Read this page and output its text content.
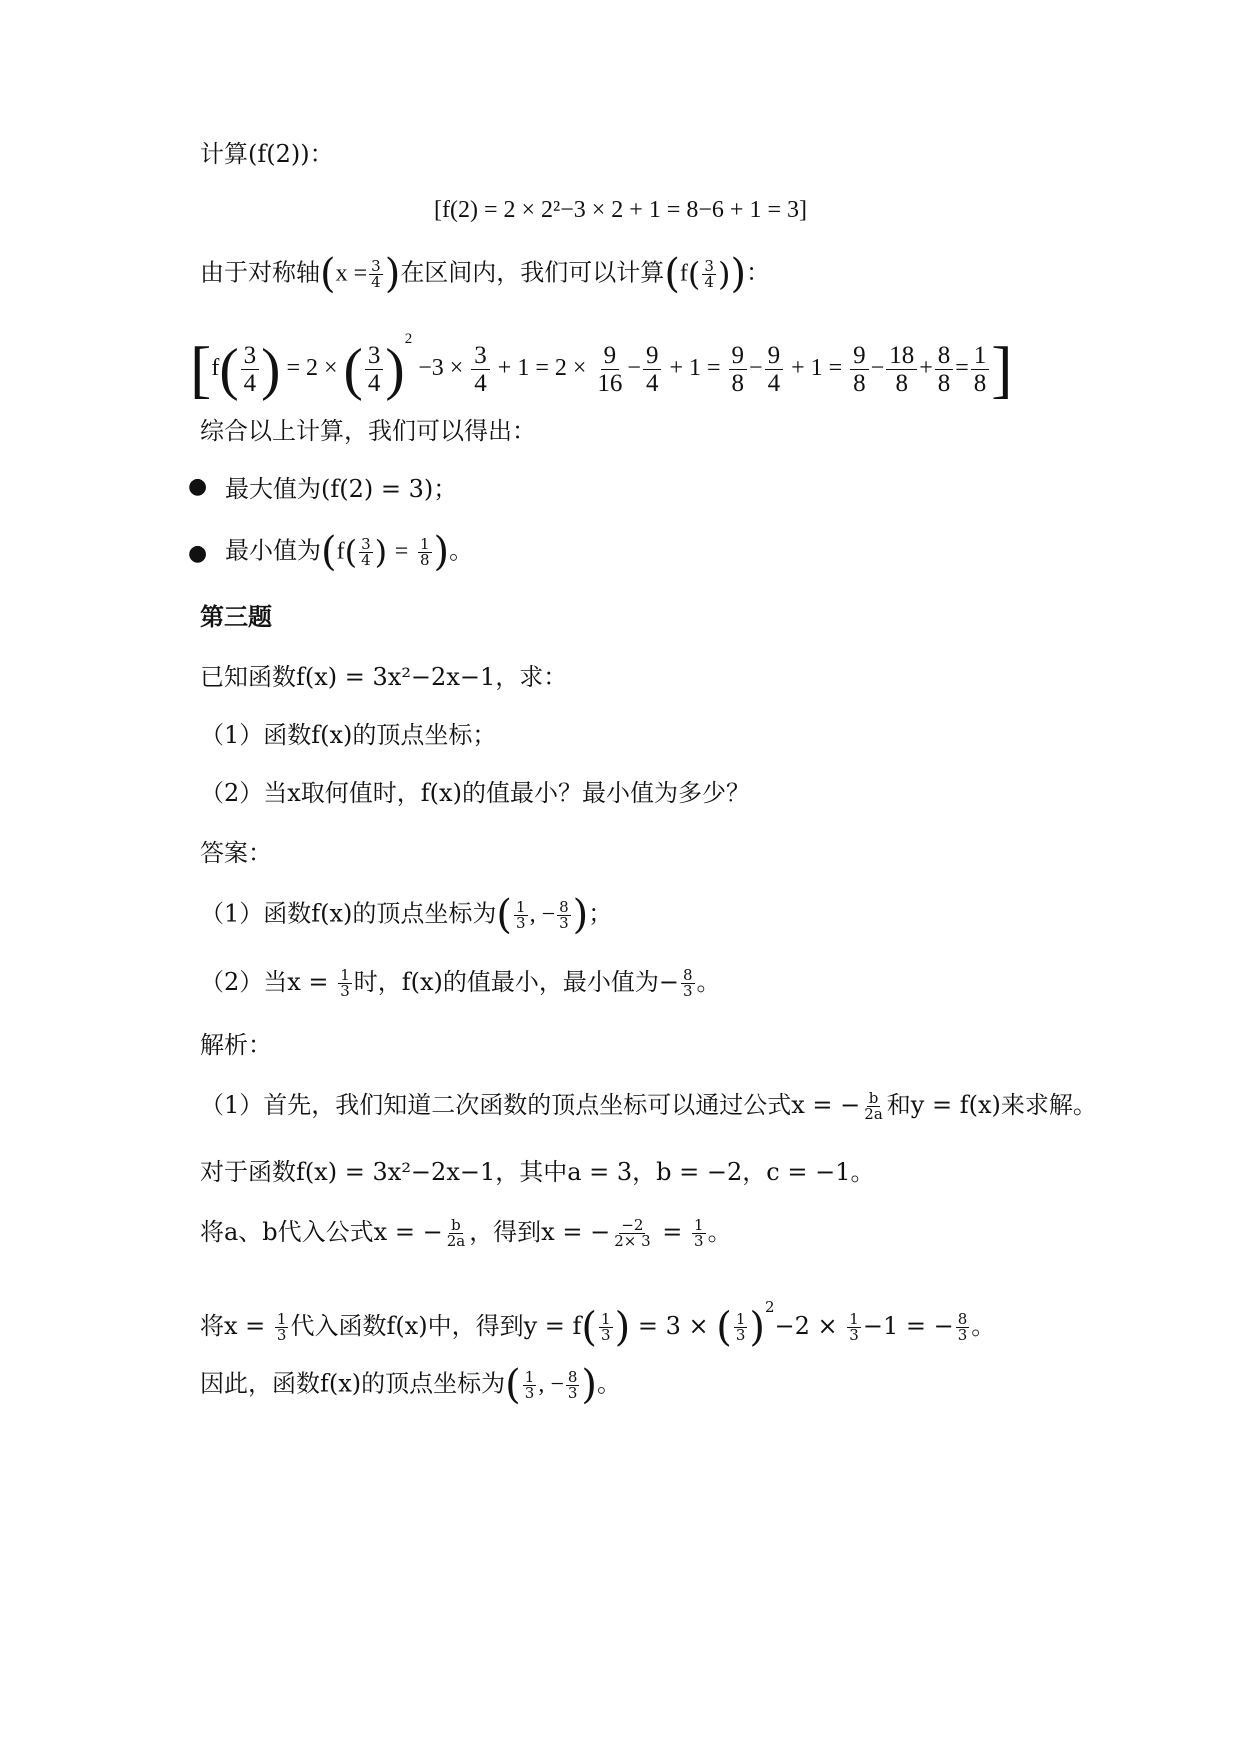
计算(f(2))：
[f(2) = 2 × 2²−3 × 2 + 1 = 8−6 + 1 = 3]
由于对称轴($x = \frac{3}{4}$ )在区间内，我们可以计算($f( \frac{3}{4}$ ))：
[$f( \frac{3}{4}$ ) = 2 × ( $\frac{3}{4} )^2 -3 \times \frac{3}{4} + 1 = 2 \times \frac{9}{16} - \frac{9}{4} + 1 = \frac{9}{8} - \frac{9}{4} + 1 = \frac{9}{8} - \frac{18}{8} + \frac{8}{8} = \frac{1}{8}$ ]
综合以上计算，我们可以得出：
● 最大值为(f(2) = 3)；
● 最小值为($f( \frac{3}{4}$ ) = $\frac{1}{8}$ )。
第三题
已知函数f(x) = 3x²−2x−1，求：
（1）函数f(x)的顶点坐标；
（2）当x取何值时，f(x)的值最小？最小值为多少？
答案：
（1）函数f(x)的顶点坐标为( $\frac{1}{3}$ , − $\frac{8}{3}$ )；
（2）当$x = \frac{1}{3}$ 时，f(x)的值最小，最小值为− $\frac{8}{3}$ 。
解析：
（1）首先，我们知道二次函数的顶点坐标可以通过公式x = − $\frac{b}{2a}$ 和y = f(x)来求解。
对于函数f(x) = 3x²−2x−1，其中a = 3，b = −2，c = −1。
将a、b代入公式x = − $\frac{b}{2a}$ ，得到x = − $\frac{-2}{2\times 3} = \frac{1}{3}$ 。
将$x = \frac{1}{3}$ 代入函数f(x)中，得到$y = f( \frac{1}{3}$ ) = 3 × ( $\frac{1}{3} )^2-2 \times \frac{1}{3} -1$ = − $\frac{8}{3}$ 。
因此，函数f(x)的顶点坐标为( $\frac{1}{3}$ , − $\frac{8}{3}$ )。
